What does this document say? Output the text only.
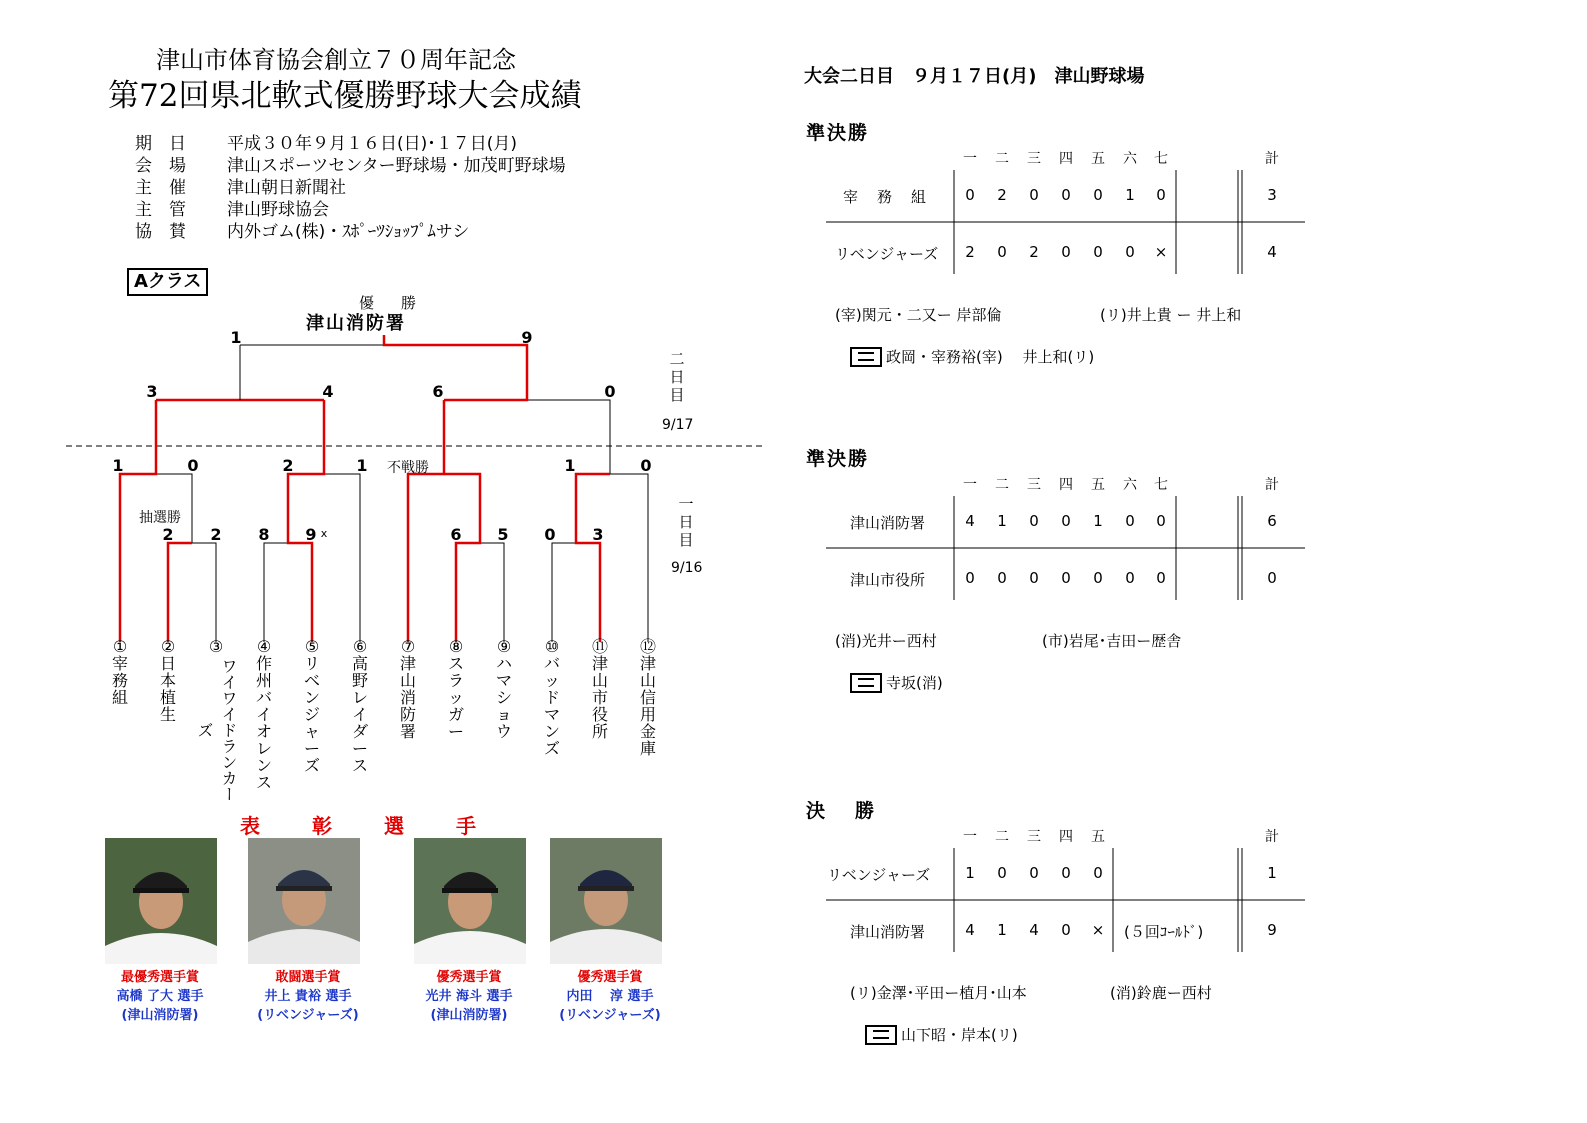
津山市体育協会創立７０周年記念
第72回県北軟式優勝野球大会成績
期　日	平成３０年９月１６日(日)･１７日(月)
会　場	津山スポーツセンター野球場・加茂町野球場
主　催	津山朝日新聞社
主　管	津山野球協会
協　賛	内外ゴム(株)・ｽﾎﾟｰﾂｼｮｯﾌﾟﾑサシ
Aクラス
優　勝
津山消防署
1	9
3	4	6	0
1	0	2	1 不戦勝	1	0
抽選勝
2 2 8 9 x	6 5 0 3
二日目
9/17
一日目
9/16
①
宰務組
②
日本植生
③

ワイワイドランカーズ
④
作州バイオレンス
⑤
リベンジャーズ
⑥
高野レイダース
⑦
津山消防署
⑧
スラッガー
⑨
ハマショウ
⑩
バッドマンズ
⑪
津山市役所
⑫
津山信用金庫
表彰選手
最優秀選手賞
高橋 了大 選手
(津山消防署)
敢闘選手賞
井上 貴裕 選手
(リベンジャーズ)
優秀選手賞
光井 海斗 選手
(津山消防署)
優秀選手賞
内田　 淳 選手
(リベンジャーズ)
大会二日目　９月１７日(月)　津山野球場
準決勝
一 二 三 四 五 六 七	計
宰　務　組 0 2 0 0 0 1 0	3
リベンジャーズ 2 0 2 0 0 0 ×	4
(宰)関元・二又ー 岸部倫	(リ)井上貴 ー 井上和
政岡・宰務裕(宰)　 井上和(リ)
準決勝
一 二 三 四 五 六 七	計
津山消防署	4 1 0 0 1 0 0	6
津山市役所	0 0 0 0 0 0 0	0
(消)光井ー西村	(市)岩尾･吉田ー歴舎
寺坂(消)
決勝
一 二 三 四 五	計
リベンジャーズ 1 0 0 0 0	1
津山消防署	4 1 4 0 × (５回ｺｰﾙﾄﾞ)	9
(リ)金澤･平田ー植月･山本	(消)鈴鹿ー西村
山下昭・岸本(リ)
